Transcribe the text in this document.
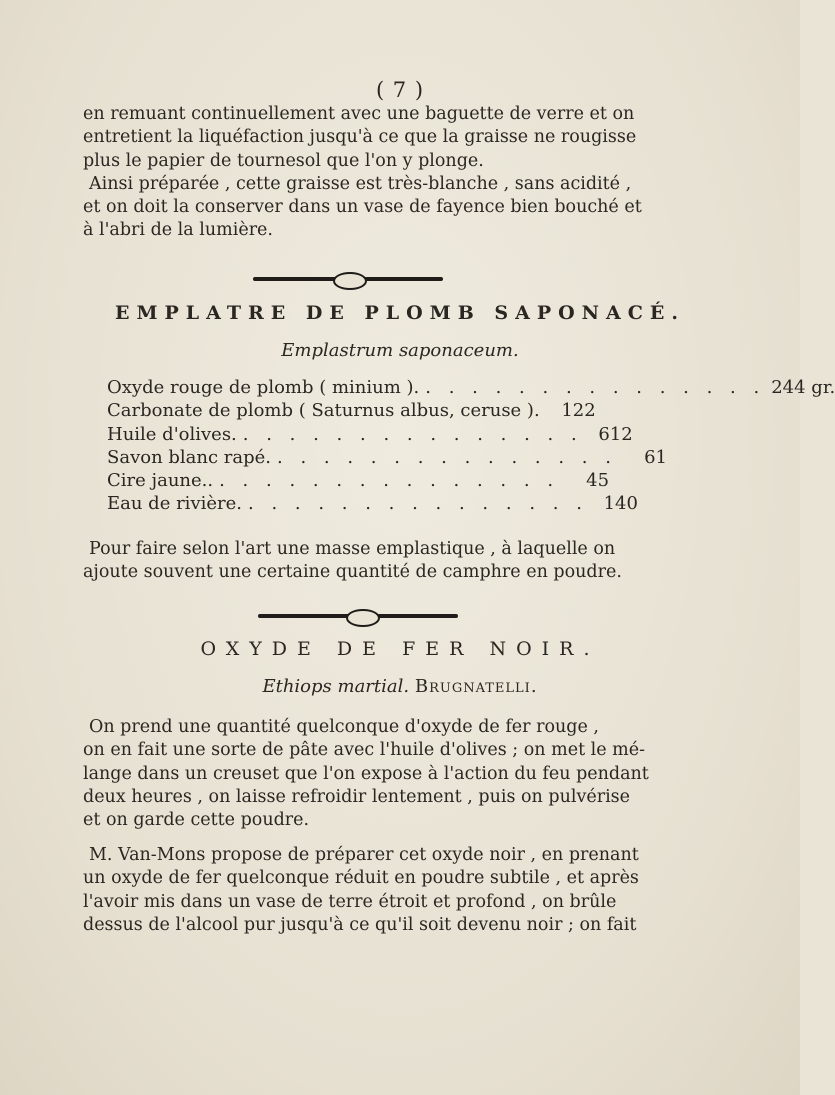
( 7 )
en remuant continuellement avec une baguette de verre et on
entretient la liquéfaction jusqu'à ce que la graisse ne rougisse
plus le papier de tournesol que l'on y plonge.
Ainsi préparée , cette graisse est très-blanche , sans acidité ,
et on doit la conserver dans un vase de fayence bien bouché et
à l'abri de la lumière.
EMPLATRE DE PLOMB SAPONACÉ.
Emplastrum saponaceum.
Oxyde rouge de plomb ( minium ). . . . . . . . . . . . . . . . 244 gr.
Carbonate de plomb ( Saturnus albus, ceruse ).	122
Huile d'olives. . . . . . . . . . . . . . . . 612
Savon blanc rapé. . . . . . . . . . . . . . . .	61
Cire jaune.. . . . . . . . . . . . . . . .	45
Eau de rivière. . . . . . . . . . . . . . . . 140
Pour faire selon l'art une masse emplastique , à laquelle on
ajoute souvent une certaine quantité de camphre en poudre.
OXYDE DE FER NOIR.
Ethiops martial. Brugnatelli.
On prend une quantité quelconque d'oxyde de fer rouge ,
on en fait une sorte de pâte avec l'huile d'olives ; on met le mé-
lange dans un creuset que l'on expose à l'action du feu pendant
deux heures , on laisse refroidir lentement , puis on pulvérise
et on garde cette poudre.
M. Van-Mons propose de préparer cet oxyde noir , en prenant
un oxyde de fer quelconque réduit en poudre subtile , et après
l'avoir mis dans un vase de terre étroit et profond , on brûle
dessus de l'alcool pur jusqu'à ce qu'il soit devenu noir ; on fait
